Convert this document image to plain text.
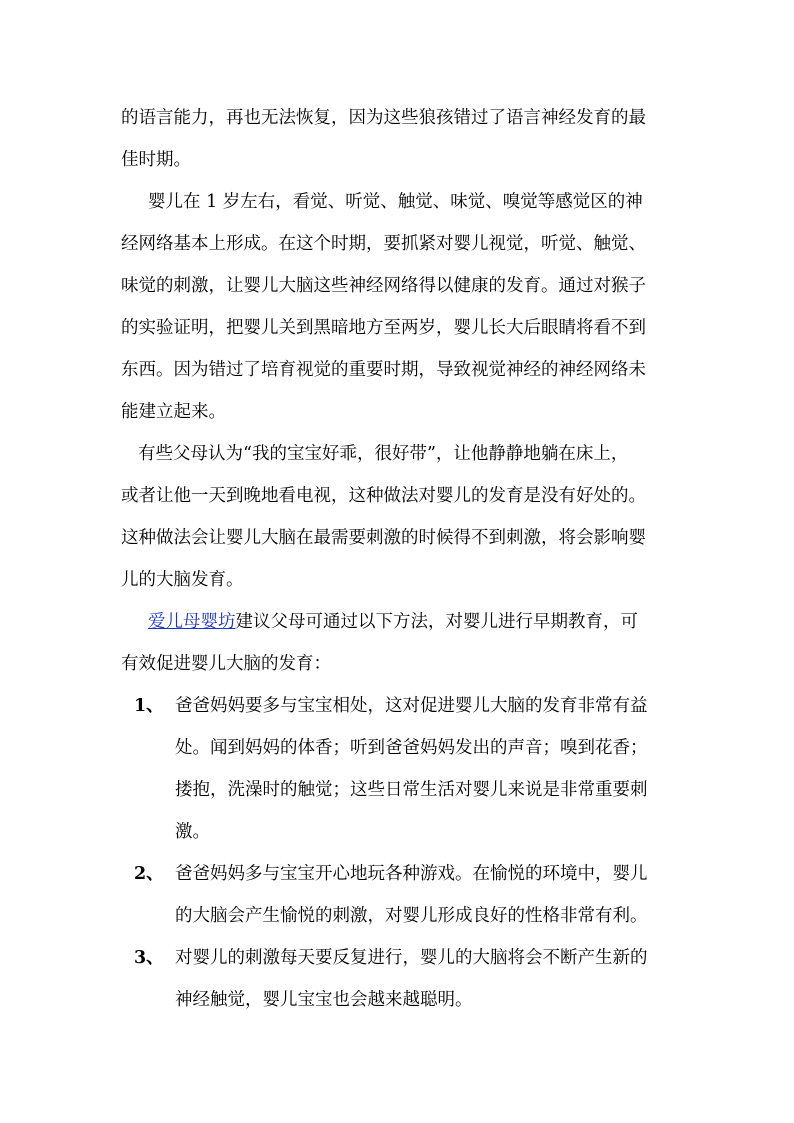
的语言能力，再也无法恢复，因为这些狼孩错过了语言神经发育的最
佳时期。
婴儿在 1 岁左右，看觉、听觉、触觉、味觉、嗅觉等感觉区的神
经网络基本上形成。在这个时期，要抓紧对婴儿视觉，听觉、触觉、
味觉的刺激，让婴儿大脑这些神经网络得以健康的发育。通过对猴子
的实验证明，把婴儿关到黑暗地方至两岁，婴儿长大后眼睛将看不到
东西。因为错过了培育视觉的重要时期，导致视觉神经的神经网络未
能建立起来。
有些父母认为“我的宝宝好乖，很好带”，让他静静地躺在床上，
或者让他一天到晚地看电视，这种做法对婴儿的发育是没有好处的。
这种做法会让婴儿大脑在最需要刺激的时候得不到刺激，将会影响婴
儿的大脑发育。
爱儿母婴坊建议父母可通过以下方法，对婴儿进行早期教育，可
有效促进婴儿大脑的发育：
1、 爸爸妈妈要多与宝宝相处，这对促进婴儿大脑的发育非常有益
处。闻到妈妈的体香；听到爸爸妈妈发出的声音；嗅到花香；
搂抱，洗澡时的触觉；这些日常生活对婴儿来说是非常重要刺
激。
2、 爸爸妈妈多与宝宝开心地玩各种游戏。在愉悦的环境中，婴儿
的大脑会产生愉悦的刺激，对婴儿形成良好的性格非常有利。
3、 对婴儿的刺激每天要反复进行，婴儿的大脑将会不断产生新的
神经触觉，婴儿宝宝也会越来越聪明。
